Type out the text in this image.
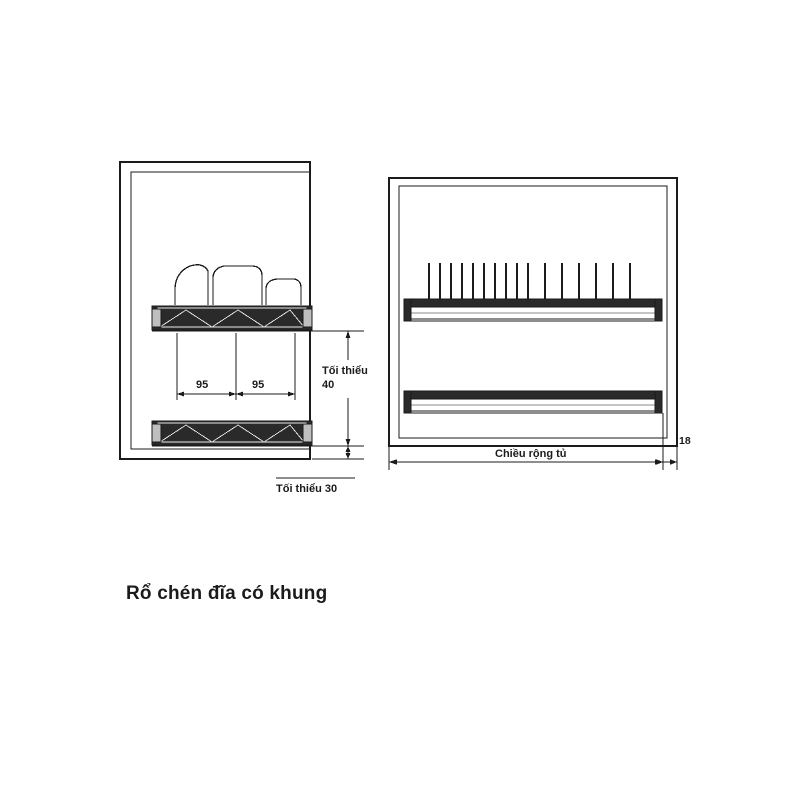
95	95
Tối thiểu
40
Tối thiểu 30
Chiều rộng tủ
18
Rổ chén đĩa có khung
